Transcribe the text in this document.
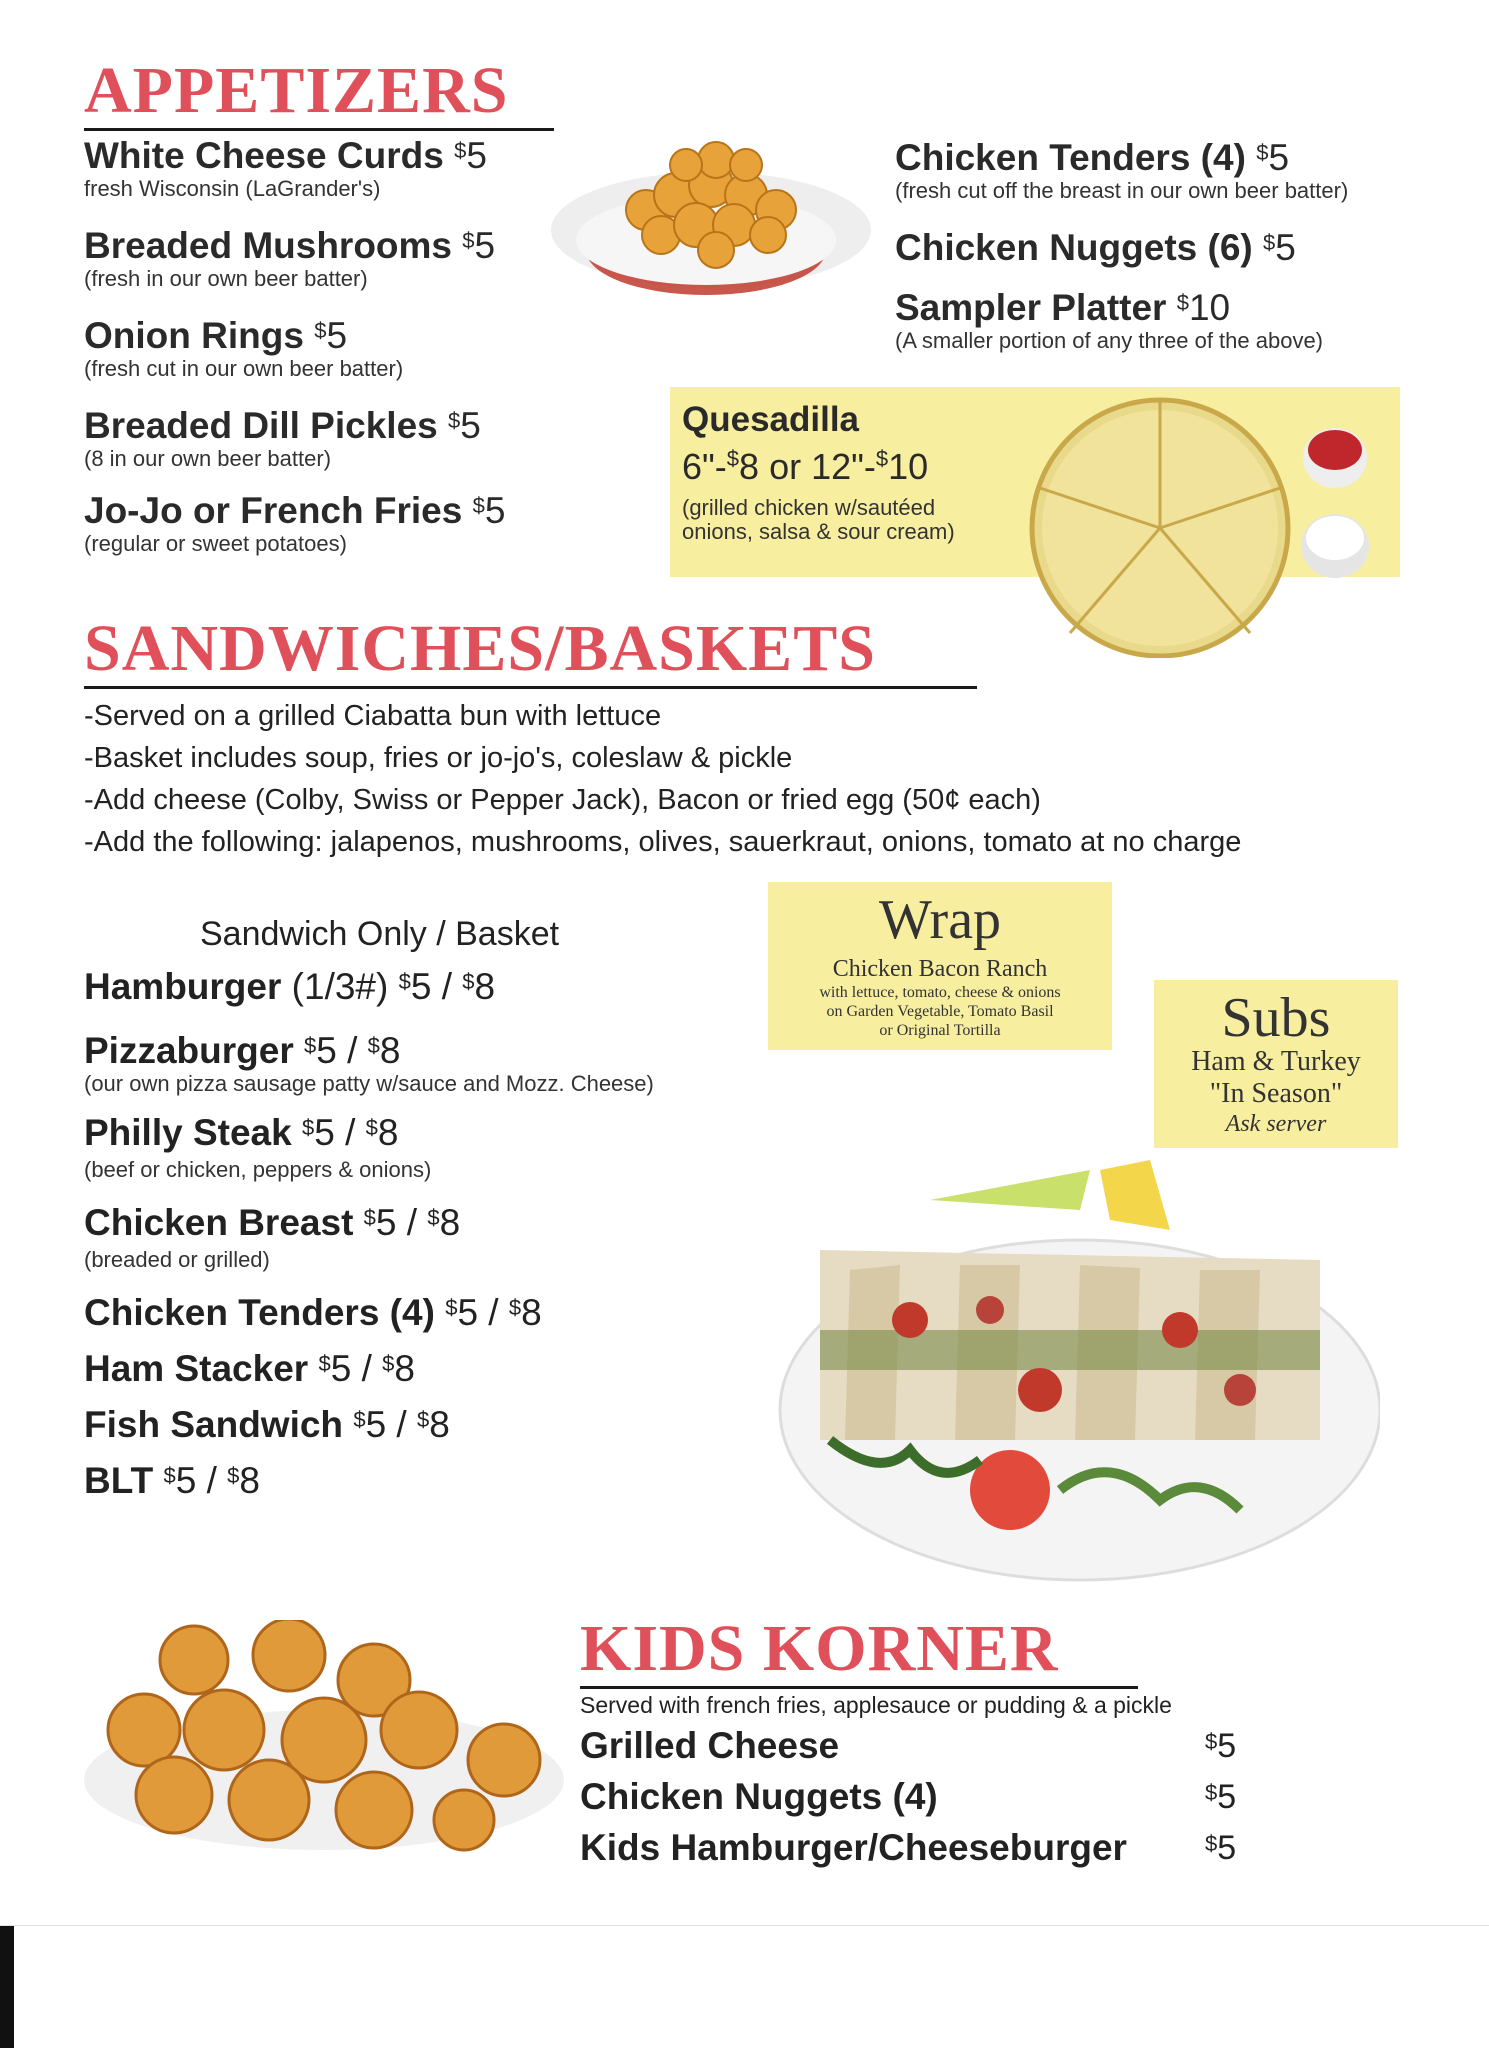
APPETIZERS
White Cheese Curds $5
fresh Wisconsin (LaGrander's)
Breaded Mushrooms $5
(fresh in our own beer batter)
Onion Rings $5
(fresh cut in our own beer batter)
Breaded Dill Pickles $5
(8 in our own beer batter)
Jo-Jo or French Fries $5
(regular or sweet potatoes)
Chicken Tenders (4) $5
(fresh cut off the breast in our own beer batter)
Chicken Nuggets (6) $5
Sampler Platter $10
(A smaller portion of any three of the above)
Quesadilla
6"-$8 or 12"-$10
(grilled chicken w/sautéed
onions, salsa & sour cream)
SANDWICHES/BASKETS
-Served on a grilled Ciabatta bun with lettuce
-Basket includes soup, fries or jo-jo's, coleslaw & pickle
-Add cheese (Colby, Swiss or Pepper Jack), Bacon or fried egg (50¢ each)
-Add the following: jalapenos, mushrooms, olives, sauerkraut, onions, tomato at no charge
Sandwich Only / Basket
Hamburger (1/3#) $5 / $8
Pizzaburger $5 / $8
(our own pizza sausage patty w/sauce and Mozz. Cheese)
Philly Steak $5 / $8
(beef or chicken, peppers & onions)
Chicken Breast $5 / $8
(breaded or grilled)
Chicken Tenders (4) $5 / $8
Ham Stacker $5 / $8
Fish Sandwich $5 / $8
BLT $5 / $8
Wrap
Chicken Bacon Ranch
with lettuce, tomato, cheese & onions
on Garden Vegetable, Tomato Basil
or Original Tortilla	Subs
Ham & Turkey
"In Season"
Ask server
KIDS KORNER
Served with french fries, applesauce or pudding & a pickle
Grilled Cheese	$5
Chicken Nuggets (4)	$5
Kids Hamburger/Cheeseburger	$5
